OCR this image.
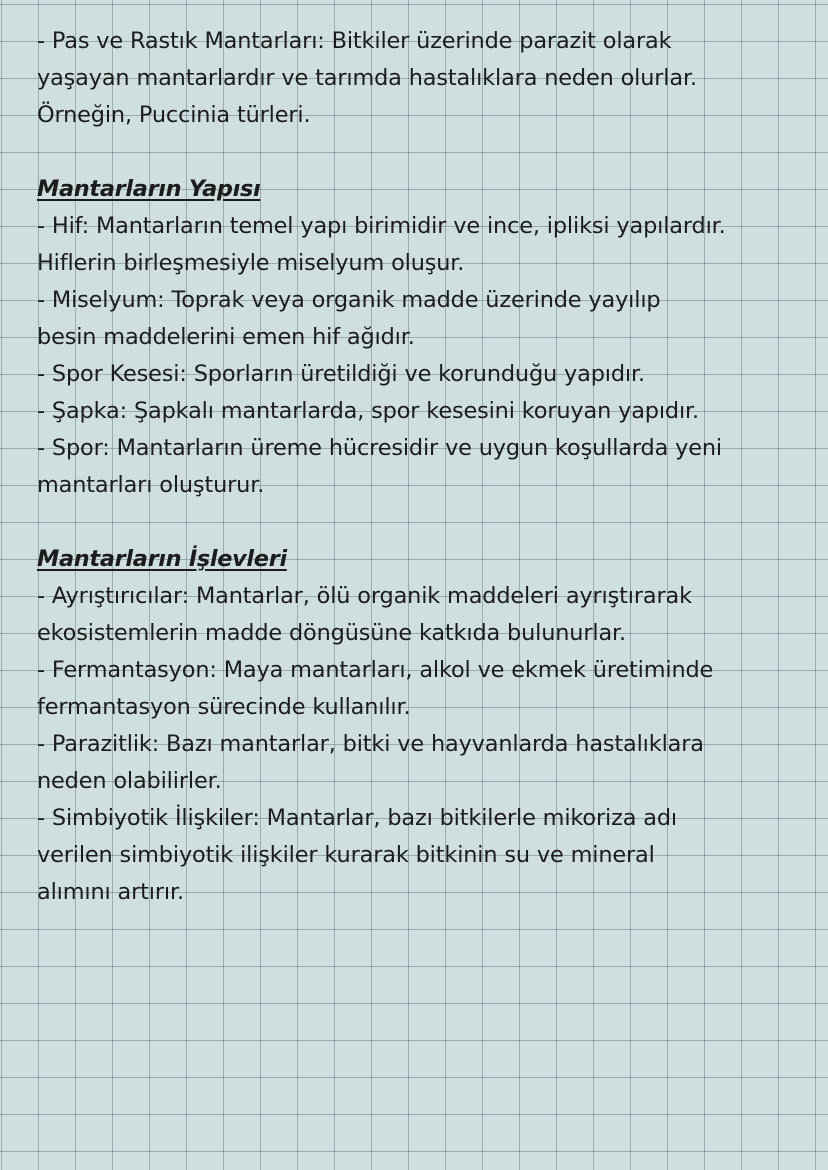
- Pas ve Rastık Mantarları: Bitkiler üzerinde parazit olarak
yaşayan mantarlardır ve tarımda hastalıklara neden olurlar.
Örneğin, Puccinia türleri.
Mantarların Yapısı
- Hif: Mantarların temel yapı birimidir ve ince, ipliksi yapılardır.
Hiflerin birleşmesiyle miselyum oluşur.
- Miselyum: Toprak veya organik madde üzerinde yayılıp
besin maddelerini emen hif ağıdır.
- Spor Kesesi: Sporların üretildiği ve korunduğu yapıdır.
- Şapka: Şapkalı mantarlarda, spor kesesini koruyan yapıdır.
- Spor: Mantarların üreme hücresidir ve uygun koşullarda yeni
mantarları oluşturur.
Mantarların İşlevleri
- Ayrıştırıcılar: Mantarlar, ölü organik maddeleri ayrıştırarak
ekosistemlerin madde döngüsüne katkıda bulunurlar.
- Fermantasyon: Maya mantarları, alkol ve ekmek üretiminde
fermantasyon sürecinde kullanılır.
- Parazitlik: Bazı mantarlar, bitki ve hayvanlarda hastalıklara
neden olabilirler.
- Simbiyotik İlişkiler: Mantarlar, bazı bitkilerle mikoriza adı
verilen simbiyotik ilişkiler kurarak bitkinin su ve mineral
alımını artırır.
